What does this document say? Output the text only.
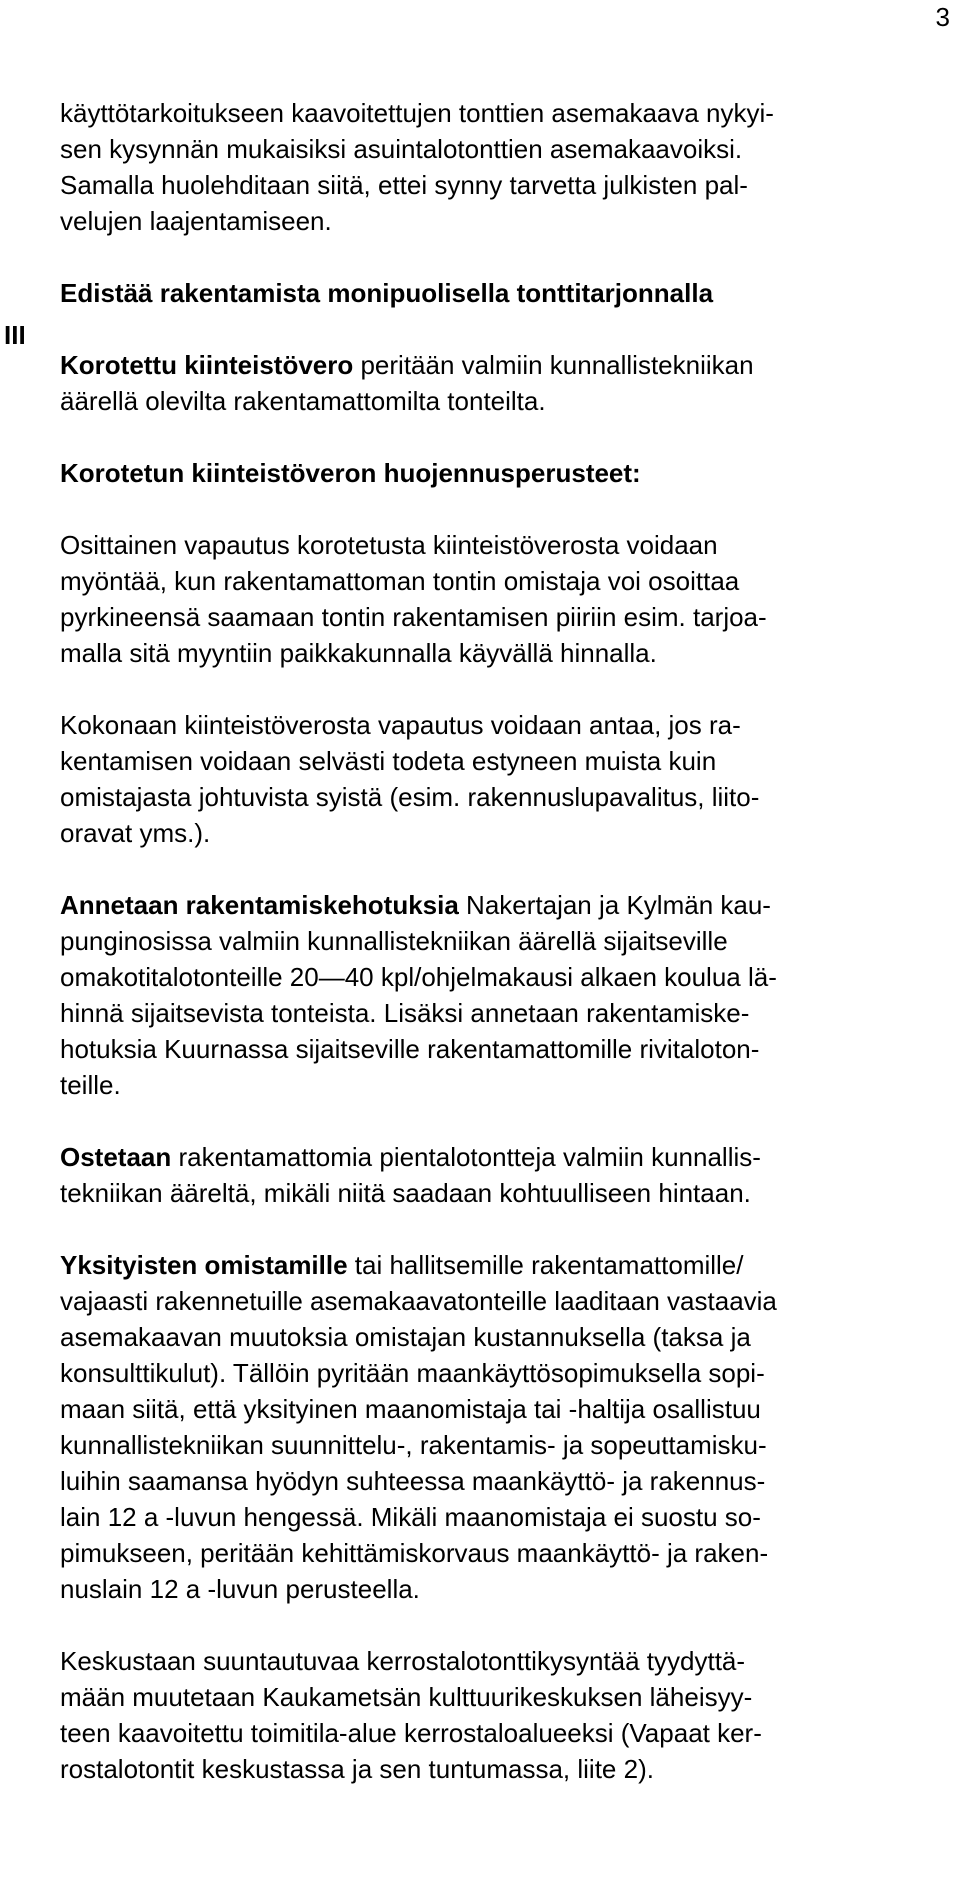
3
III

käyttötarkoitukseen kaavoitettujen tonttien asemakaava nykyi-
sen kysynnän mukaisiksi asuintalotonttien asemakaavoiksi.
Samalla huolehditaan siitä, ettei synny tarvetta julkisten pal-
velujen laajentamiseen.

Edistää rakentamista monipuolisella tonttitarjonnalla

Korotettu kiinteistövero peritään valmiin kunnallistekniikan
äärellä olevilta rakentamattomilta tonteilta.

Korotetun kiinteistöveron huojennusperusteet:

Osittainen vapautus korotetusta kiinteistöverosta voidaan
myöntää, kun rakentamattoman tontin omistaja voi osoittaa
pyrkineensä saamaan tontin rakentamisen piiriin esim. tarjoa-
malla sitä myyntiin paikkakunnalla käyvällä hinnalla.

Kokonaan kiinteistöverosta vapautus voidaan antaa, jos ra-
kentamisen voidaan selvästi todeta estyneen muista kuin
omistajasta johtuvista syistä (esim. rakennuslupavalitus, liito-
oravat yms.).

Annetaan rakentamiskehotuksia Nakertajan ja Kylmän kau-
punginosissa valmiin kunnallistekniikan äärellä sijaitseville
omakotitalotonteille 20—40 kpl/ohjelmakausi alkaen koulua lä-
hinnä sijaitsevista tonteista. Lisäksi annetaan rakentamiske-
hotuksia Kuurnassa sijaitseville rakentamattomille rivitaloton-
teille.

Ostetaan rakentamattomia pientalotontteja valmiin kunnallis-
tekniikan ääreltä, mikäli niitä saadaan kohtuulliseen hintaan.

Yksityisten omistamille tai hallitsemille rakentamattomille/
vajaasti rakennetuille asemakaavatonteille laaditaan vastaavia
asemakaavan muutoksia omistajan kustannuksella (taksa ja
konsulttikulut). Tällöin pyritään maankäyttösopimuksella sopi-
maan siitä, että yksityinen maanomistaja tai -haltija osallistuu
kunnallistekniikan suunnittelu-, rakentamis- ja sopeuttamisku-
luihin saamansa hyödyn suhteessa maankäyttö- ja rakennus-
lain 12 a -luvun hengessä. Mikäli maanomistaja ei suostu so-
pimukseen, peritään kehittämiskorvaus maankäyttö- ja raken-
nuslain 12 a -luvun perusteella.

Keskustaan suuntautuvaa kerrostalotonttikysyntää tyydyttä-
mään muutetaan Kaukametsän kulttuurikeskuksen läheisyy-
teen kaavoitettu toimitila-alue kerrostaloalueeksi (Vapaat ker-
rostalotontit keskustassa ja sen tuntumassa, liite 2).
